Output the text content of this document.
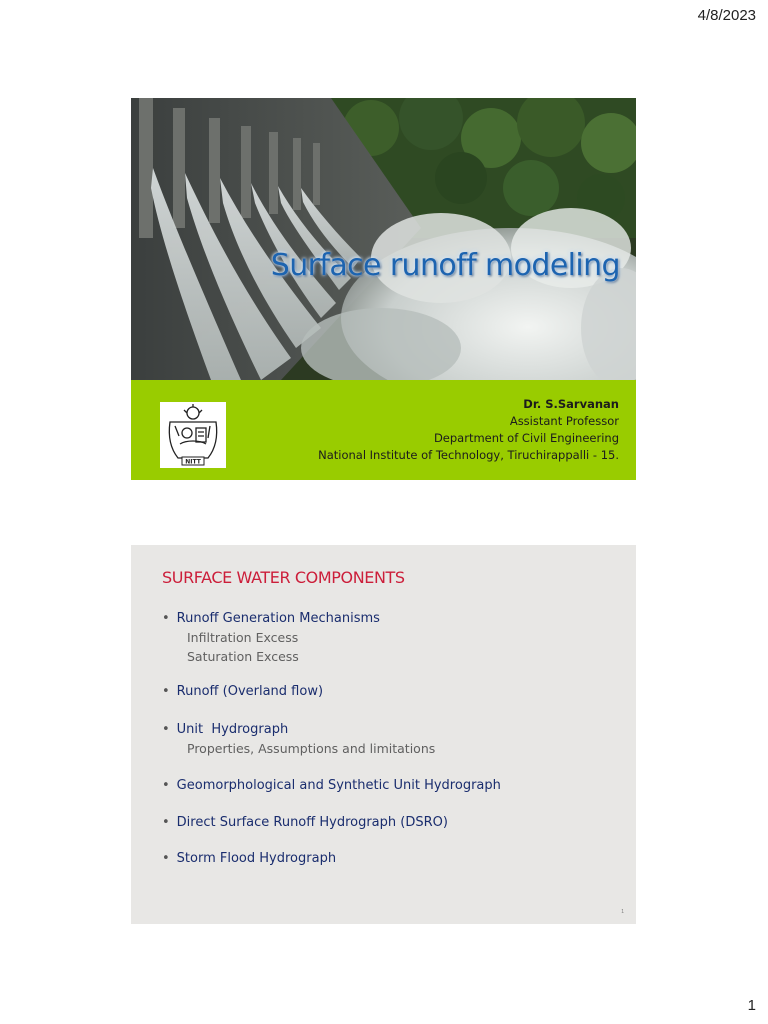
4/8/2023
Surface runoff modeling
NITT
Dr. S.Sarvanan
Assistant Professor
Department of Civil Engineering
National Institute of Technology, Tiruchirappalli - 15.
SURFACE WATER COMPONENTS
• Runoff Generation Mechanisms
Infiltration Excess
Saturation Excess
• Runoff (Overland flow)
• Unit  Hydrograph
Properties, Assumptions and limitations
• Geomorphological and Synthetic Unit Hydrograph
• Direct Surface Runoff Hydrograph (DSRO)
• Storm Flood Hydrograph
1
1
